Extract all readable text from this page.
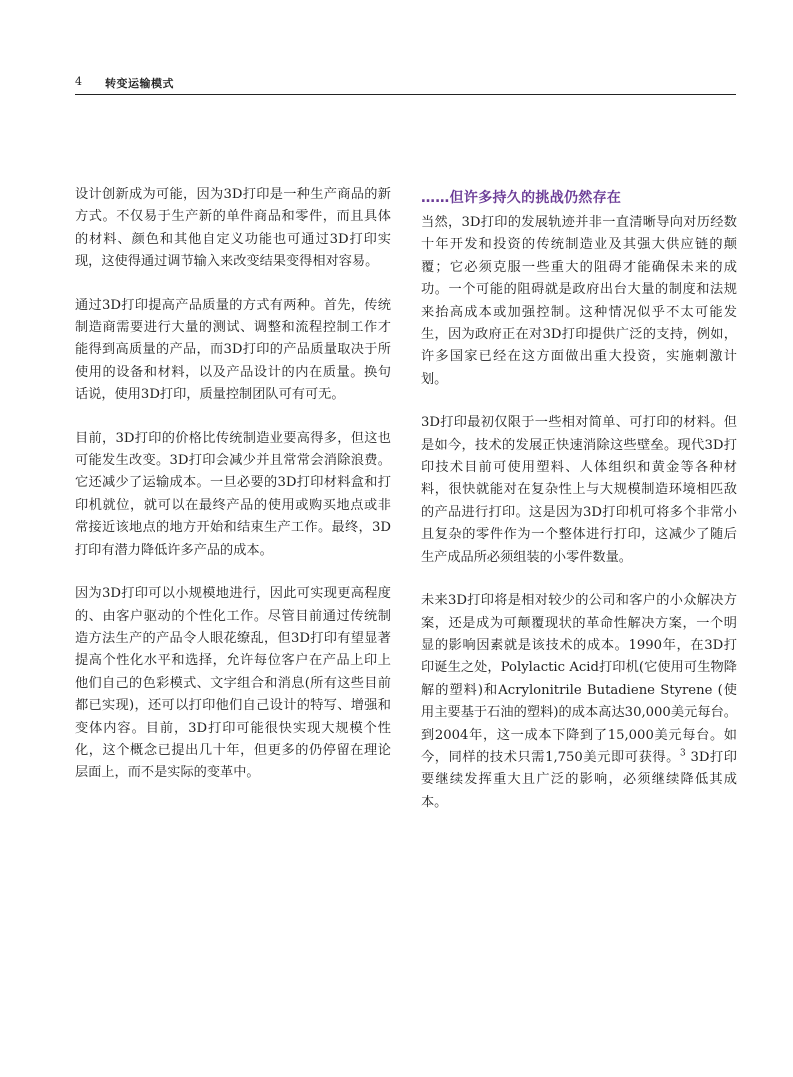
4 转变运输模式

设计创新成为可能，因为3D打印是一种生产商品的新方式。不仅易于生产新的单件商品和零件，而且具体的材料、颜色和其他自定义功能也可通过3D打印实现，这使得通过调节输入来改变结果变得相对容易。

通过3D打印提高产品质量的方式有两种。首先，传统制造商需要进行大量的测试、调整和流程控制工作才能得到高质量的产品，而3D打印的产品质量取决于所使用的设备和材料，以及产品设计的内在质量。换句话说，使用3D打印，质量控制团队可有可无。

目前，3D打印的价格比传统制造业要高得多，但这也可能发生改变。3D打印会减少并且常常会消除浪费。它还减少了运输成本。一旦必要的3D打印材料盒和打印机就位，就可以在最终产品的使用或购买地点或非常接近该地点的地方开始和结束生产工作。最终，3D打印有潜力降低许多产品的成本。

因为3D打印可以小规模地进行，因此可实现更高程度的、由客户驱动的个性化工作。尽管目前通过传统制造方法生产的产品令人眼花缭乱，但3D打印有望显著提高个性化水平和选择，允许每位客户在产品上印上他们自己的色彩模式、文字组合和消息(所有这些目前都已实现)，还可以打印他们自己设计的特写、增强和变体内容。目前，3D打印可能很快实现大规模个性化，这个概念已提出几十年，但更多的仍停留在理论层面上，而不是实际的变革中。

……但许多持久的挑战仍然存在

当然，3D打印的发展轨迹并非一直清晰导向对历经数十年开发和投资的传统制造业及其强大供应链的颠覆；它必须克服一些重大的阻碍才能确保未来的成功。一个可能的阻碍就是政府出台大量的制度和法规来抬高成本或加强控制。这种情况似乎不太可能发生，因为政府正在对3D打印提供广泛的支持，例如，许多国家已经在这方面做出重大投资，实施刺激计划。

3D打印最初仅限于一些相对简单、可打印的材料。但是如今，技术的发展正快速消除这些壁垒。现代3D打印技术目前可使用塑料、人体组织和黄金等各种材料，很快就能对在复杂性上与大规模制造环境相匹敌的产品进行打印。这是因为3D打印机可将多个非常小且复杂的零件作为一个整体进行打印，这减少了随后生产成品所必须组装的小零件数量。

未来3D打印将是相对较少的公司和客户的小众解决方案，还是成为可颠覆现状的革命性解决方案，一个明显的影响因素就是该技术的成本。1990年，在3D打印诞生之处，Polylactic Acid打印机(它使用可生物降解的塑料)和Acrylonitrile Butadiene Styrene (使用主要基于石油的塑料)的成本高达30,000美元每台。到2004年，这一成本下降到了15,000美元每台。如今，同样的技术只需1,750美元即可获得。$^3$ 3D打印要继续发挥重大且广泛的影响，必须继续降低其成本。
